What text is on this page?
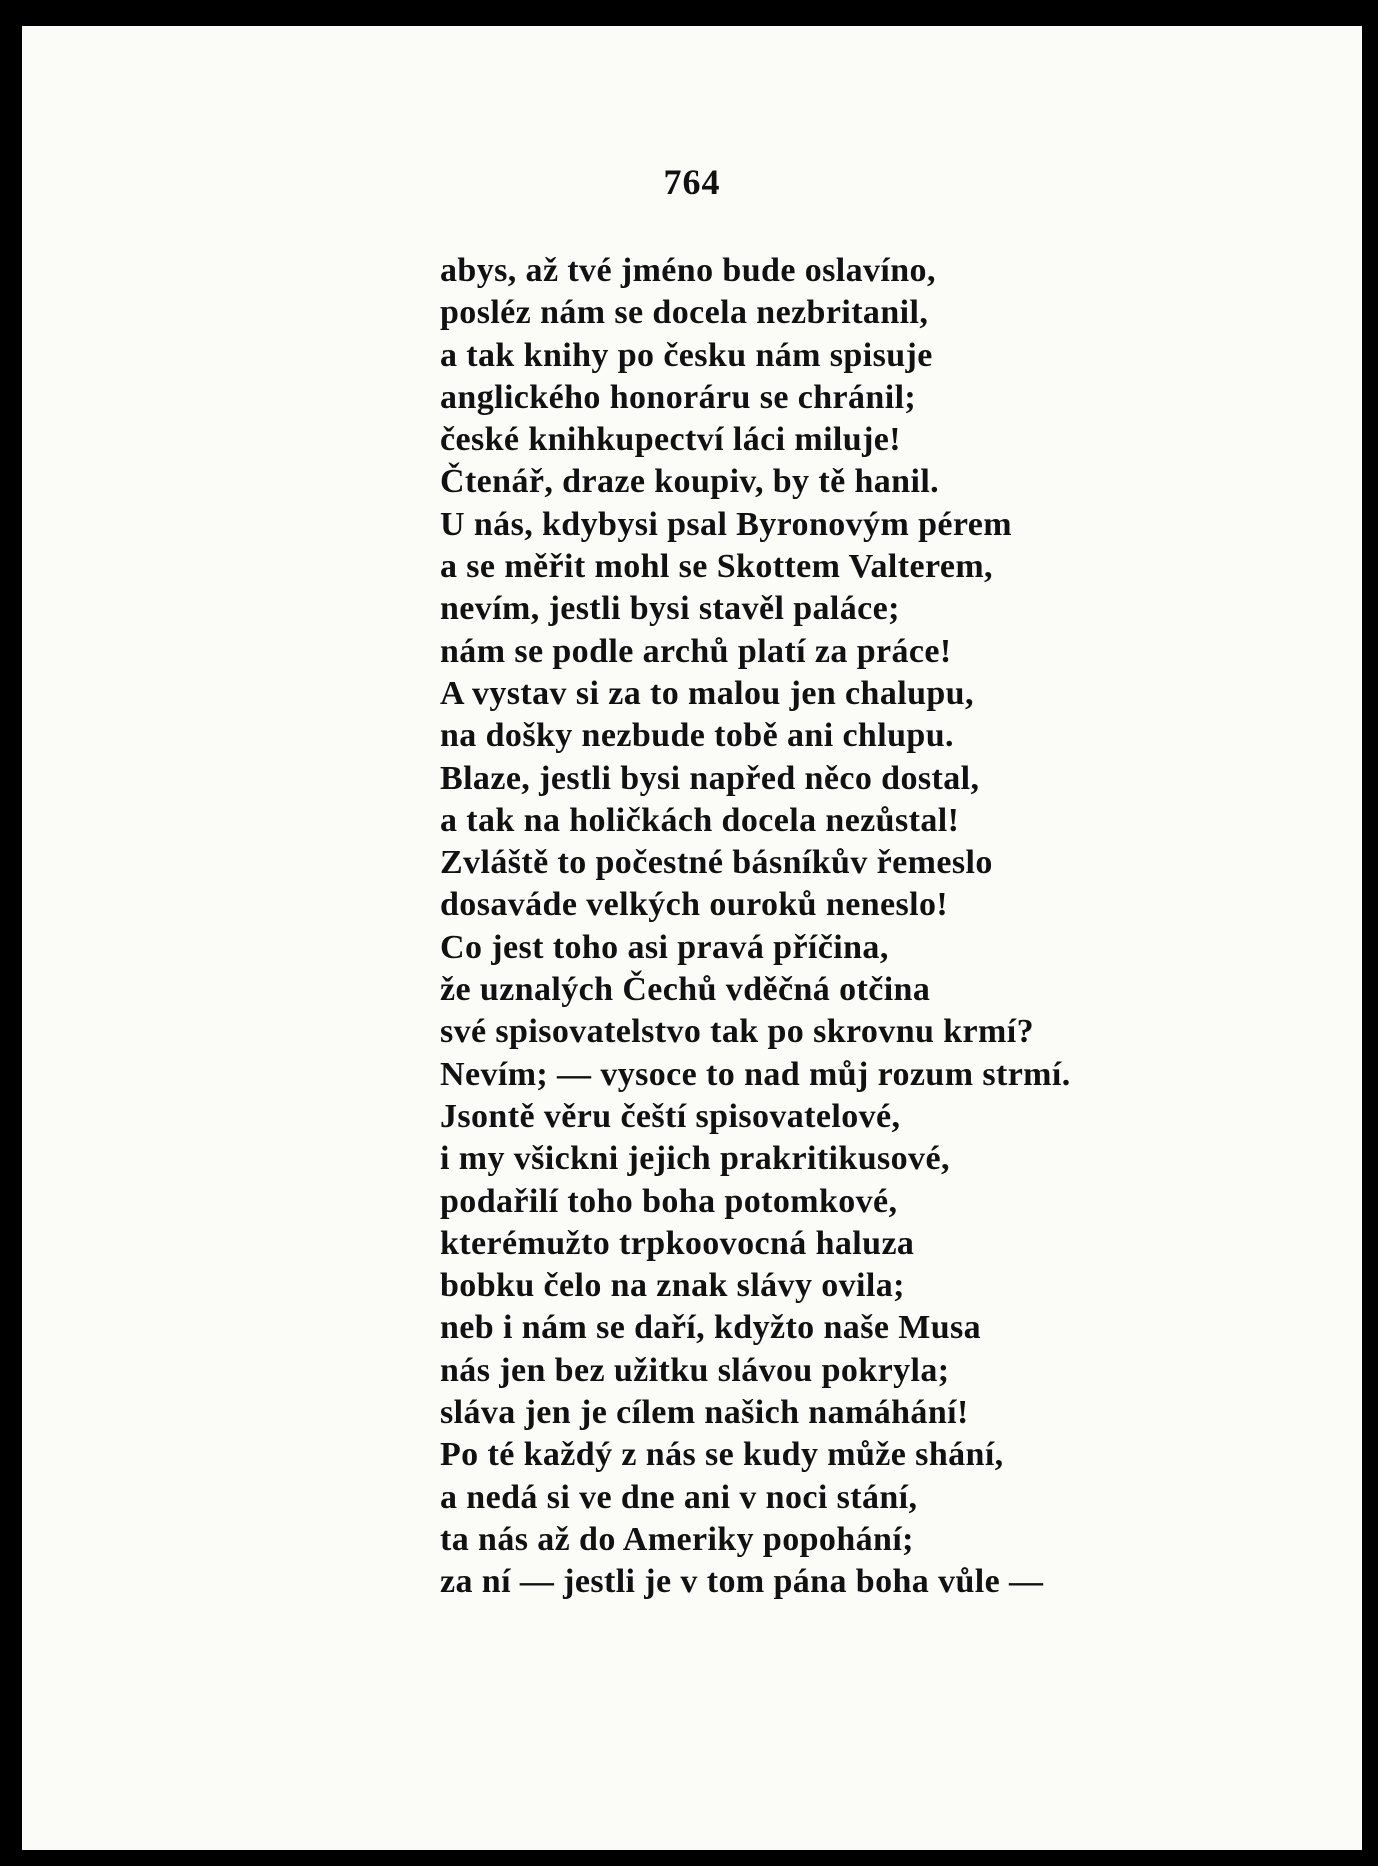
764
abys, až tvé jméno bude oslavíno,
posléz nám se docela nezbritanil,
a tak knihy po česku nám spisuje
anglického honoráru se chránil;
české knihkupectví láci miluje!
Čtenář, draze koupiv, by tě hanil.
U nás, kdybysi psal Byronovým pérem
a se měřit mohl se Skottem Valterem,
nevím, jestli bysi stavěl paláce;
nám se podle archů platí za práce!
A vystav si za to malou jen chalupu,
na došky nezbude tobě ani chlupu.
Blaze, jestli bysi napřed něco dostal,
a tak na holičkách docela nezůstal!
Zvláště to počestné básníkův řemeslo
dosaváde velkých ouroků neneslo!
Co jest toho asi pravá příčina,
že uznalých Čechů vděčná otčina
své spisovatelstvo tak po skrovnu krmí?
Nevím; — vysoce to nad můj rozum strmí.
Jsontě věru čeští spisovatelové,
i my všickni jejich prakritikusové,
podařilí toho boha potomkové,
kterémužto trpkoovocná haluza
bobku čelo na znak slávy ovila;
neb i nám se daří, kdyžto naše Musa
nás jen bez užitku slávou pokryla;
sláva jen je cílem našich namáhání!
Po té každý z nás se kudy může shání,
a nedá si ve dne ani v noci stání,
ta nás až do Ameriky popohání;
za ní — jestli je v tom pána boha vůle —
